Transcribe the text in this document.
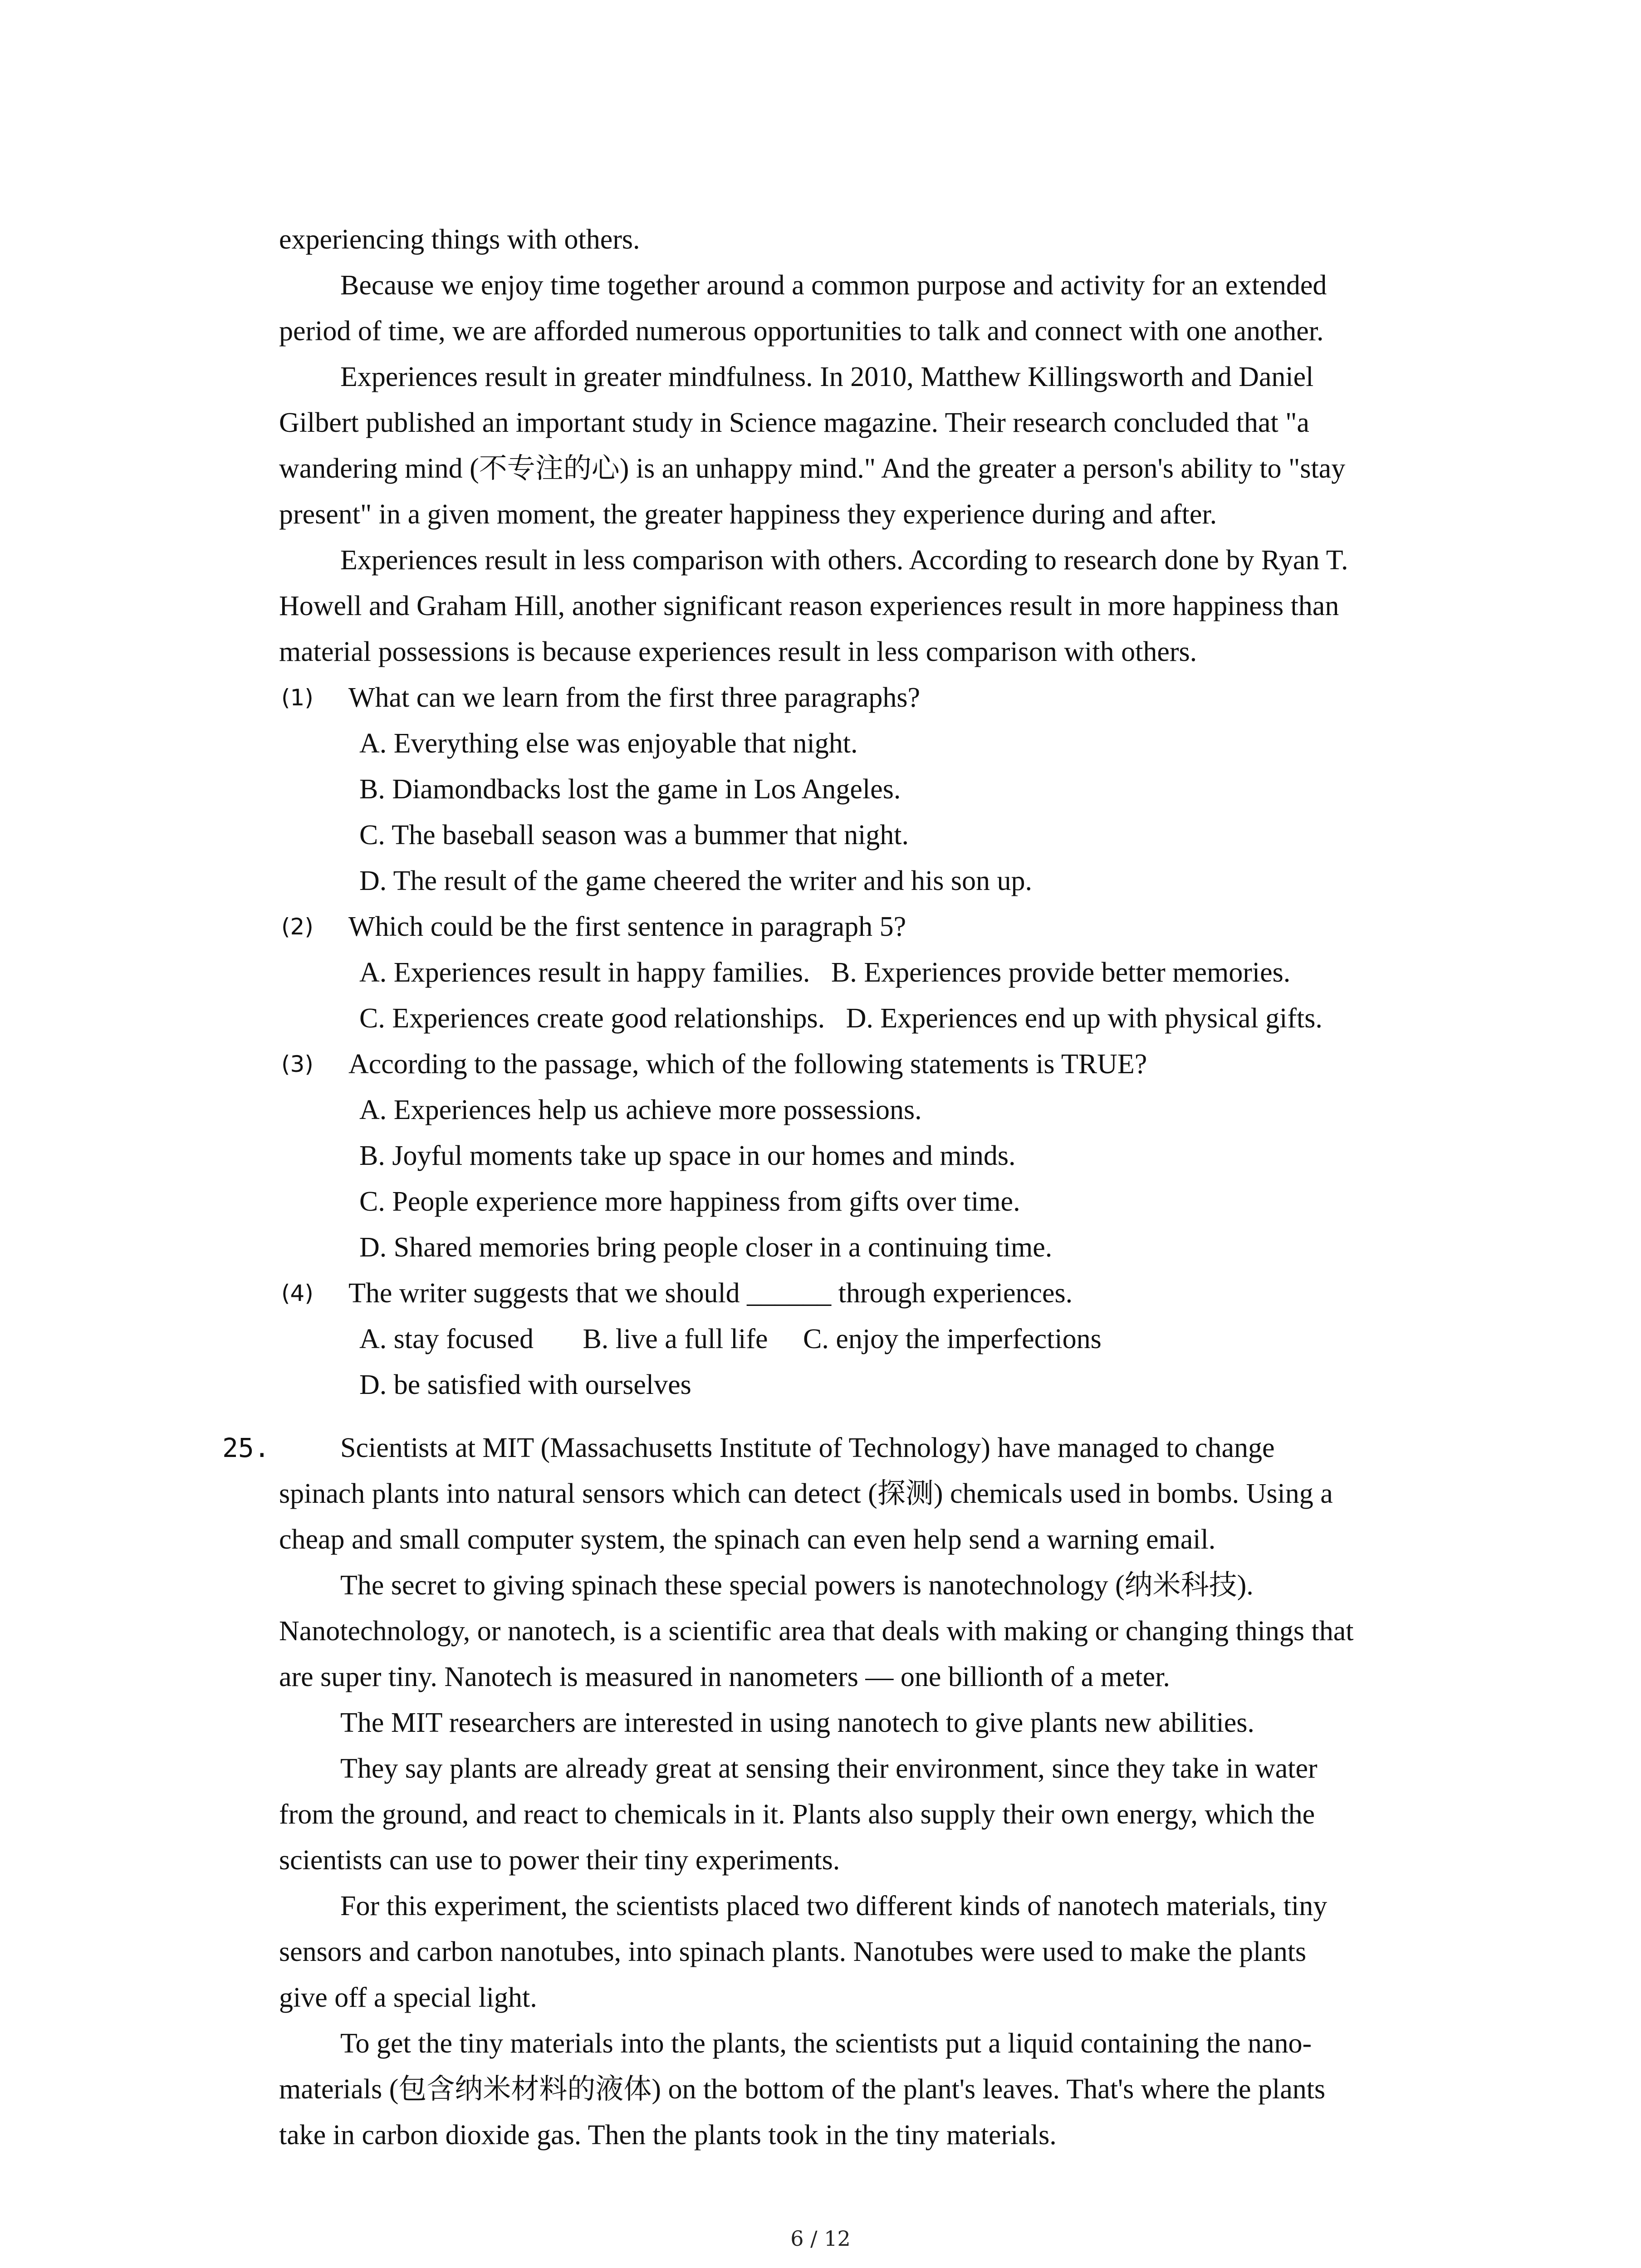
experiencing things with others.
Because we enjoy time together around a common purpose and activity for an extended
period of time, we are afforded numerous opportunities to talk and connect with one another.
Experiences result in greater mindfulness. In 2010, Matthew Killingsworth and Daniel
Gilbert published an important study in Science magazine. Their research concluded that "a
wandering mind (不专注的心) is an unhappy mind." And the greater a person's ability to "stay
present" in a given moment, the greater happiness they experience during and after.
Experiences result in less comparison with others. According to research done by Ryan T.
Howell and Graham Hill, another significant reason experiences result in more happiness than
material possessions is because experiences result in less comparison with others.
(1) What can we learn from the first three paragraphs?
A. Everything else was enjoyable that night.
B. Diamondbacks lost the game in Los Angeles.
C. The baseball season was a bummer that night.
D. The result of the game cheered the writer and his son up.
(2) Which could be the first sentence in paragraph 5?
A. Experiences result in happy families.   B. Experiences provide better memories.
C. Experiences create good relationships.   D. Experiences end up with physical gifts.
(3) According to the passage, which of the following statements is TRUE?
A. Experiences help us achieve more possessions.
B. Joyful moments take up space in our homes and minds.
C. People experience more happiness from gifts over time.
D. Shared memories bring people closer in a continuing time.
(4) The writer suggests that we should ______ through experiences.
A. stay focused       B. live a full life     C. enjoy the imperfections
D. be satisfied with ourselves
25.	Scientists at MIT (Massachusetts Institute of Technology) have managed to change
spinach plants into natural sensors which can detect (探测) chemicals used in bombs. Using a
cheap and small computer system, the spinach can even help send a warning email.
The secret to giving spinach these special powers is nanotechnology (纳米科技).
Nanotechnology, or nanotech, is a scientific area that deals with making or changing things that
are super tiny. Nanotech is measured in nanometers — one billionth of a meter.
The MIT researchers are interested in using nanotech to give plants new abilities.
They say plants are already great at sensing their environment, since they take in water
from the ground, and react to chemicals in it. Plants also supply their own energy, which the
scientists can use to power their tiny experiments.
For this experiment, the scientists placed two different kinds of nanotech materials, tiny
sensors and carbon nanotubes, into spinach plants. Nanotubes were used to make the plants
give off a special light.
To get the tiny materials into the plants, the scientists put a liquid containing the nano-
materials (包含纳米材料的液体) on the bottom of the plant's leaves. That's where the plants
take in carbon dioxide gas. Then the plants took in the tiny materials.
6 / 12
